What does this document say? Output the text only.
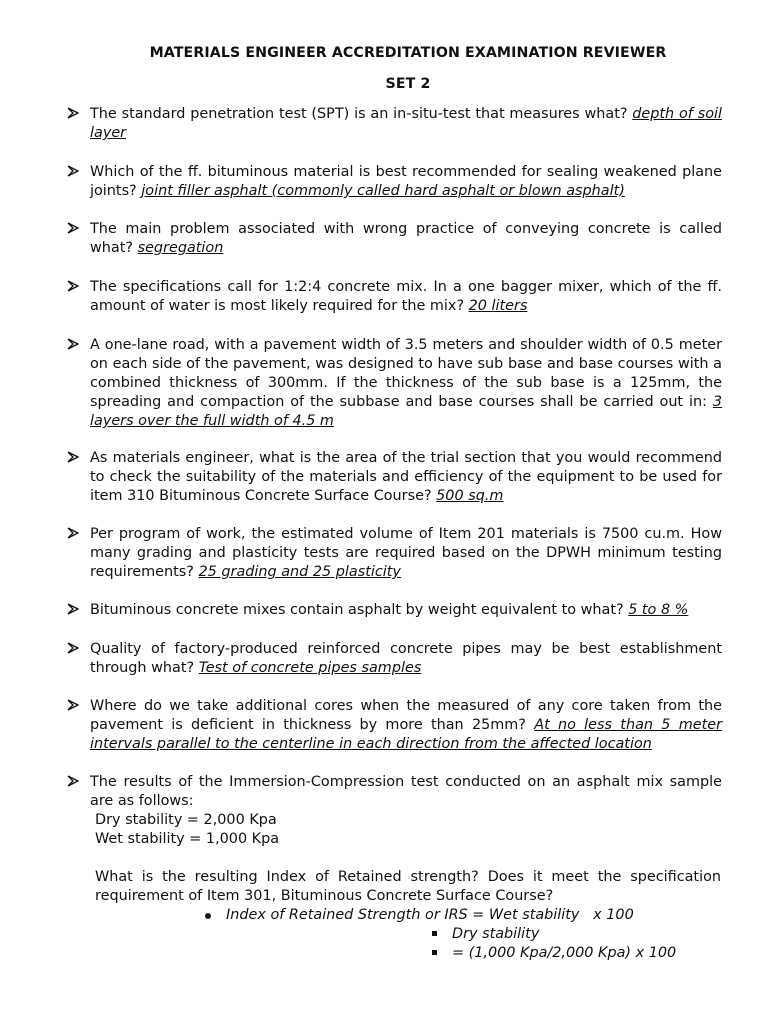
MATERIALS ENGINEER ACCREDITATION EXAMINATION REVIEWER
SET 2
The standard penetration test (SPT) is an in-situ-test that measures what? depth of soil layer
Which of the ff. bituminous material is best recommended for sealing weakened plane joints? joint filler asphalt (commonly called hard asphalt or blown asphalt)
The main problem associated with wrong practice of conveying concrete is called what? segregation
The specifications call for 1:2:4 concrete mix. In a one bagger mixer, which of the ff. amount of water is most likely required for the mix? 20 liters
A one-lane road, with a pavement width of 3.5 meters and shoulder width of 0.5 meter on each side of the pavement, was designed to have sub base and base courses with a combined thickness of 300mm. If the thickness of the sub base is a 125mm, the spreading and compaction of the subbase and base courses shall be carried out in: 3 layers over the full width of 4.5 m
As materials engineer, what is the area of the trial section that you would recommend to check the suitability of the materials and efficiency of the equipment to be used for item 310 Bituminous Concrete Surface Course? 500 sq.m
Per program of work, the estimated volume of Item 201 materials is 7500 cu.m. How many grading and plasticity tests are required based on the DPWH minimum testing requirements? 25 grading and 25 plasticity
Bituminous concrete mixes contain asphalt by weight equivalent to what? 5 to 8 %
Quality of factory-produced reinforced concrete pipes may be best establishment through what? Test of concrete pipes samples
Where do we take additional cores when the measured of any core taken from the pavement is deficient in thickness by more than 25mm? At no less than 5 meter intervals parallel to the centerline in each direction from the affected location
The results of the Immersion-Compression test conducted on an asphalt mix sample are as follows:
Dry stability = 2,000 Kpa
Wet stability = 1,000 Kpa
What is the resulting Index of Retained strength? Does it meet the specification requirement of Item 301, Bituminous Concrete Surface Course?
Index of Retained Strength or IRS = Wet stability   x 100
Dry stability
= (1,000 Kpa/2,000 Kpa) x 100
